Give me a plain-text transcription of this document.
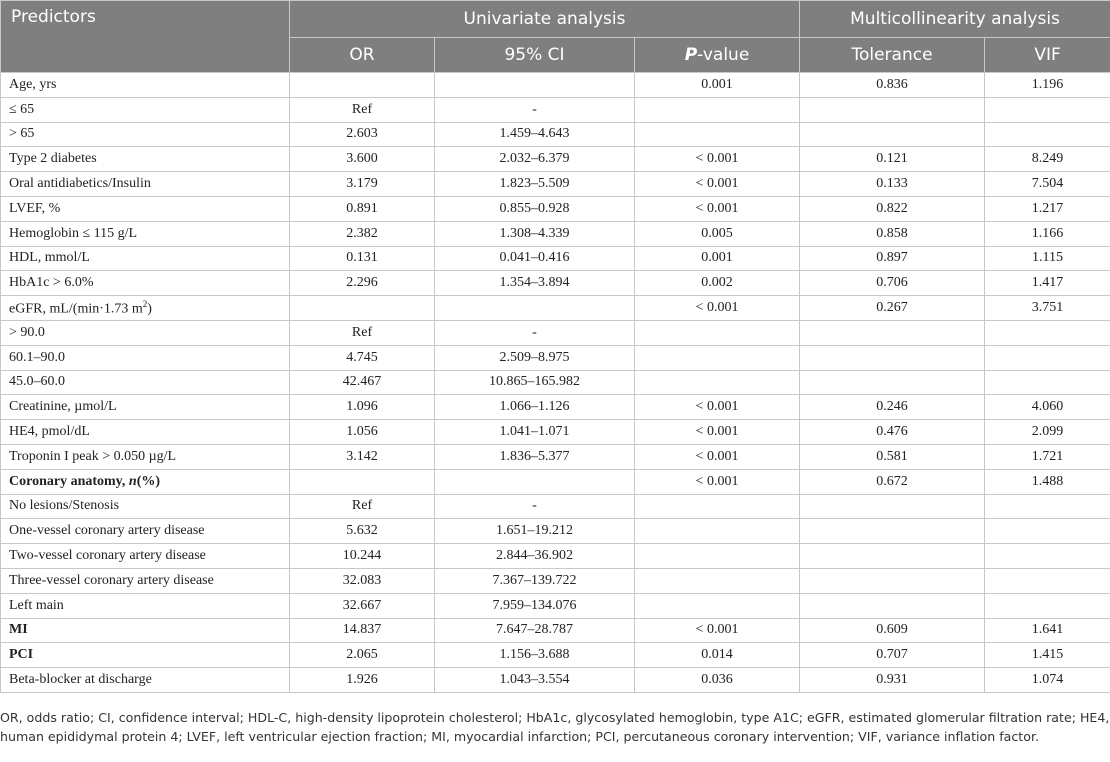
Predictors	Univariate analysis			Multicollinearity analysis	
	OR	95% CI	P-value	Tolerance	VIF
Age, yrs			0.001	0.836	1.196
≤ 65	Ref	-			
> 65	2.603	1.459–4.643			
Type 2 diabetes	3.600	2.032–6.379	< 0.001	0.121	8.249
Oral antidiabetics/Insulin	3.179	1.823–5.509	< 0.001	0.133	7.504
LVEF, %	0.891	0.855–0.928	< 0.001	0.822	1.217
Hemoglobin ≤ 115 g/L	2.382	1.308–4.339	0.005	0.858	1.166
HDL, mmol/L	0.131	0.041–0.416	0.001	0.897	1.115
HbA1c > 6.0%	2.296	1.354–3.894	0.002	0.706	1.417
eGFR, mL/(min·1.73 $m^2$)			< 0.001	0.267	3.751
> 90.0	Ref	-			
60.1–90.0	4.745	2.509–8.975			
45.0–60.0	42.467	10.865–165.982			
Creatinine, µmol/L	1.096	1.066–1.126	< 0.001	0.246	4.060
HE4, pmol/dL	1.056	1.041–1.071	< 0.001	0.476	2.099
Troponin I peak > 0.050 µg/L	3.142	1.836–5.377	< 0.001	0.581	1.721
Coronary anatomy, n(%)			< 0.001	0.672	1.488
No lesions/Stenosis	Ref	-			
One-vessel coronary artery disease	5.632	1.651–19.212			
Two-vessel coronary artery disease	10.244	2.844–36.902			
Three-vessel coronary artery disease	32.083	7.367–139.722			
Left main	32.667	7.959–134.076			
MI	14.837	7.647–28.787	< 0.001	0.609	1.641
PCI	2.065	1.156–3.688	0.014	0.707	1.415
Beta-blocker at discharge	1.926	1.043–3.554	0.036	0.931	1.074
OR, odds ratio; CI, confidence interval; HDL-C, high-density lipoprotein cholesterol; HbA1c, glycosylated hemoglobin, type A1C; eGFR, estimated glomerular filtration rate; HE4, human epididymal protein 4; LVEF, left ventricular ejection fraction; MI, myocardial infarction; PCI, percutaneous coronary intervention; VIF, variance inflation factor.
